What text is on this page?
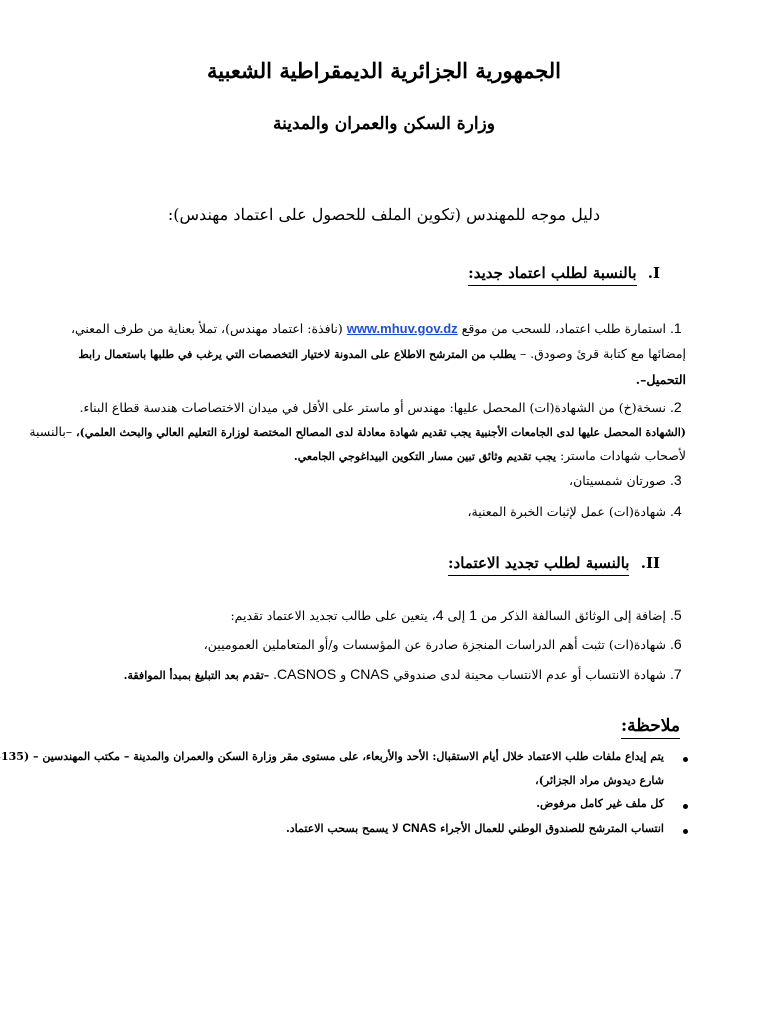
الجمهورية الجزائرية الديمقراطية الشعبية
وزارة السكن والعمران والمدينة
دليل موجه للمهندس (تكوين الملف للحصول على اعتماد مهندس):
I. بالنسبة لطلب اعتماد جديد:
1. استمارة طلب اعتماد، للسحب من موقع www.mhuv.gov.dz (نافذة: اعتماد مهندس)، تملأ بعناية من طرف المعني،
إمضائها مع كتابة قرئ وصودق. – يطلب من المترشح الاطلاع على المدونة لاختيار التخصصات التي يرغب في طلبها باستعمال رابط
التحميل–.
2. نسخة(خ) من الشهادة(ات) المحصل عليها: مهندس أو ماستر على الأقل في ميدان الاختصاصات هندسة قطاع البناء.
(الشهادة المحصل عليها لدى الجامعات الأجنبية يجب تقديم شهادة معادلة لدى المصالح المختصة لوزارة التعليم العالي والبحث العلمي)، –بالنسبة
لأصحاب شهادات ماستر: يجب تقديم وثائق تبين مسار التكوين البيداغوجي الجامعي.
3. صورتان شمسيتان،
4. شهادة(ات) عمل لإثبات الخبرة المعنية،
II. بالنسبة لطلب تجديد الاعتماد:
5. إضافة إلى الوثائق السالفة الذكر من 1 إلى 4، يتعين على طالب تجديد الاعتماد تقديم:
6. شهادة(ات) تثبت أهم الدراسات المنجزة صادرة عن المؤسسات و/أو المتعاملين العموميين،
7. شهادة الانتساب أو عدم الانتساب محينة لدى صندوقي CNAS و CASNOS. –تقدم بعد التبليغ بمبدأ الموافقة.
ملاحظة:
يتم إيداع ملفات طلب الاعتماد خلال أيام الاستقبال: الأحد والأربعاء، على مستوى مقر وزارة السكن والعمران والمدينة – مكتب المهندسين – (135
شارع ديدوش مراد الجزائر)،
كل ملف غير كامل مرفوض.
انتساب المترشح للصندوق الوطني للعمال الأجراء CNAS لا يسمح بسحب الاعتماد.
